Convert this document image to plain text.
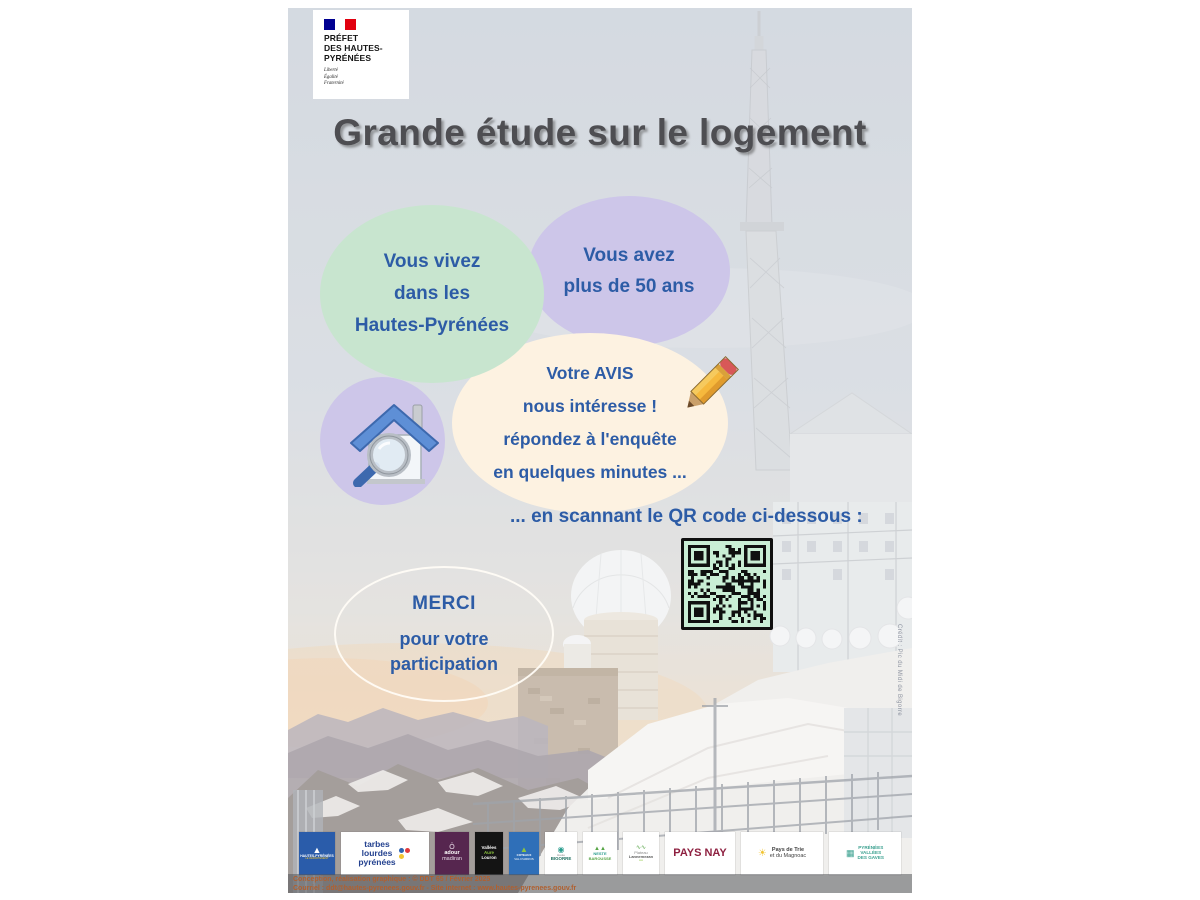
PRÉFET
DES HAUTES-
PYRÉNÉES
Liberté
Égalité
Fraternité
Grande étude sur le logement
Vous avez
plus de 50 ans
Votre AVIS
nous intéresse !
répondez à l'enquête
en quelques minutes ...
Vous vivez
dans les
Hautes-Pyrénées
... en scannant le QR code ci-dessous :
MERCI
pour votre
participation	Crédit : Pic du Midi de Bigorre
▲
HAUTES-PYRÉNÉES
LE DÉPARTEMENT
tarbes
lourdes
pyrénées
Ô
adour
madiran
Vallées
Aure
Louron
▲
COTEAUX
VAL D'ARROS
◉
Haute
BIGORRE
▲▲
NESTE
BAROUSSE
∿∿
Plateau
Lannemezan
▪▪▪▪
PAYS NAY	☀ Pays de Trie
et du Magnoac	▦
PYRÉNÉES
VALLÉES
DES GAVES
Conception, réalisation graphique : © DDT 65 / Février 2025
Courriel : ddt@hautes-pyrenees.gouv.fr - Site internet : www.hautes-pyrenees.gouv.fr
